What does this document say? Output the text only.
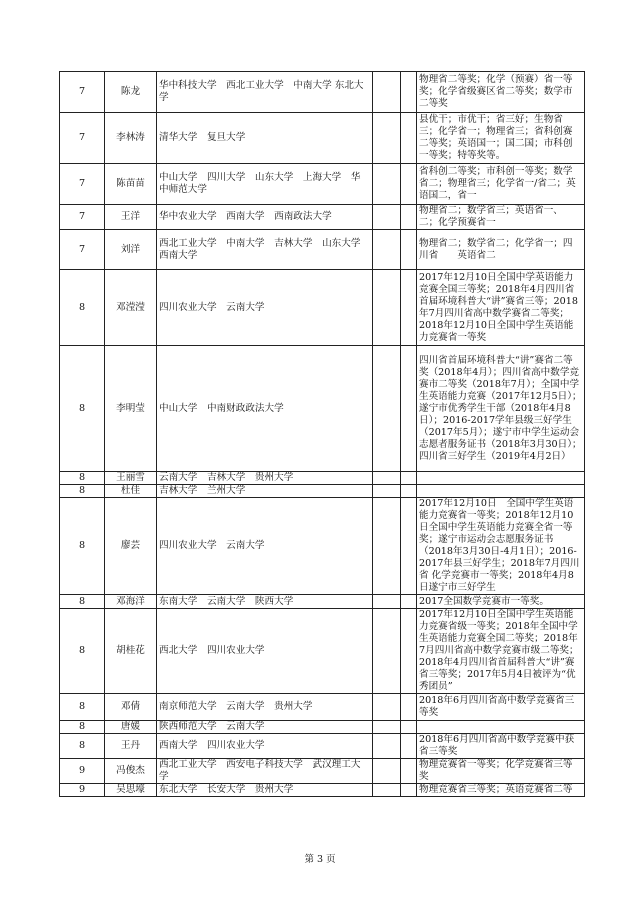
7	陈龙	华中科技大学　西北工业大学　中南大学 东北大学			物理省二等奖；化学（预赛）省一等奖；化学省级赛区省二等奖；数学市二等奖
7	李林涛	清华大学　复旦大学			县优干；市优干；省三好；生物省三；化学省一；物理省三；省科创赛二等奖；英语国一；国二国；市科创一等奖；特等奖等。
7	陈苗苗	中山大学　四川大学　山东大学　上海大学　华中师范大学			省科创二等奖；市科创一等奖；数学省二；物理省三；化学省一/省二；英语国二，省一
7	王洋	华中农业大学　西南大学　西南政法大学			物理省二；数学省三；英语省一、二；化学预赛省一
7	刘洋	西北工业大学　中南大学　吉林大学　山东大学 西南大学			物理省二；数学省二；化学省一；四川省　　英语省二
8	邓滢滢	四川农业大学　云南大学			2017年12月10日全国中学英语能力竞赛全国三等奖；2018年4月四川省首届环境科普大“讲”赛省三等；2018年7月四川省高中数学赛省二等奖；2018年12月10日全国中学生英语能力竞赛省一等奖
8	李明莹	中山大学　中南财政政法大学			四川省首届环境科普大“讲”赛省二等奖（2018年4月）；四川省高中数学竞赛市二等奖（2018年7月）；全国中学生英语能力竞赛（2017年12月5日）；遂宁市优秀学生干部（2018年4月8日）；2016-2017学年县级三好学生（2017年5月）；遂宁市中学生运动会志愿者服务证书（2018年3月30日）；四川省三好学生（2019年4月2日）
8	王丽雪	云南大学　吉林大学　贵州大学			
8	杜佳	吉林大学　兰州大学			
8	廖芸	四川农业大学　云南大学			2017年12月10日　全国中学生英语能力竞赛省一等奖；2018年12月10日全国中学生英语能力竞赛全省一等奖；遂宁市运动会志愿服务证书（2018年3月30日-4月1日）；2016-2017年县三好学生；2018年7月四川省 化学竞赛市一等奖；2018年4月8日遂宁市三好学生
8	邓海洋	东南大学　云南大学　陕西大学			2017全国数学竞赛市一等奖。
8	胡桂花	西北大学　四川农业大学			2017年12月10日全国中学生英语能力竞赛省级一等奖；2018年全国中学生英语能力竞赛全国二等奖；2018年7月四川省高中数学竞赛市级二等奖；2018年4月四川省首届科普大“讲”赛省三等奖；2017年5月4日被评为“优秀团员”
8	邓倩	南京师范大学　云南大学　贵州大学			2018年6月四川省高中数学竞赛省三等奖
8	唐媛	陕西师范大学　云南大学			
8	王丹	西南大学　四川农业大学			2018年6月四川省高中数学竞赛中获省三等奖
9	冯俊杰	西北工业大学　西安电子科技大学　武汉理工大学			物理竞赛省一等奖；化学竞赛省三等奖
9	吴思壕	东北大学　长安大学　贵州大学			物理竞赛省三等奖；英语竞赛省二等
第 3 页
